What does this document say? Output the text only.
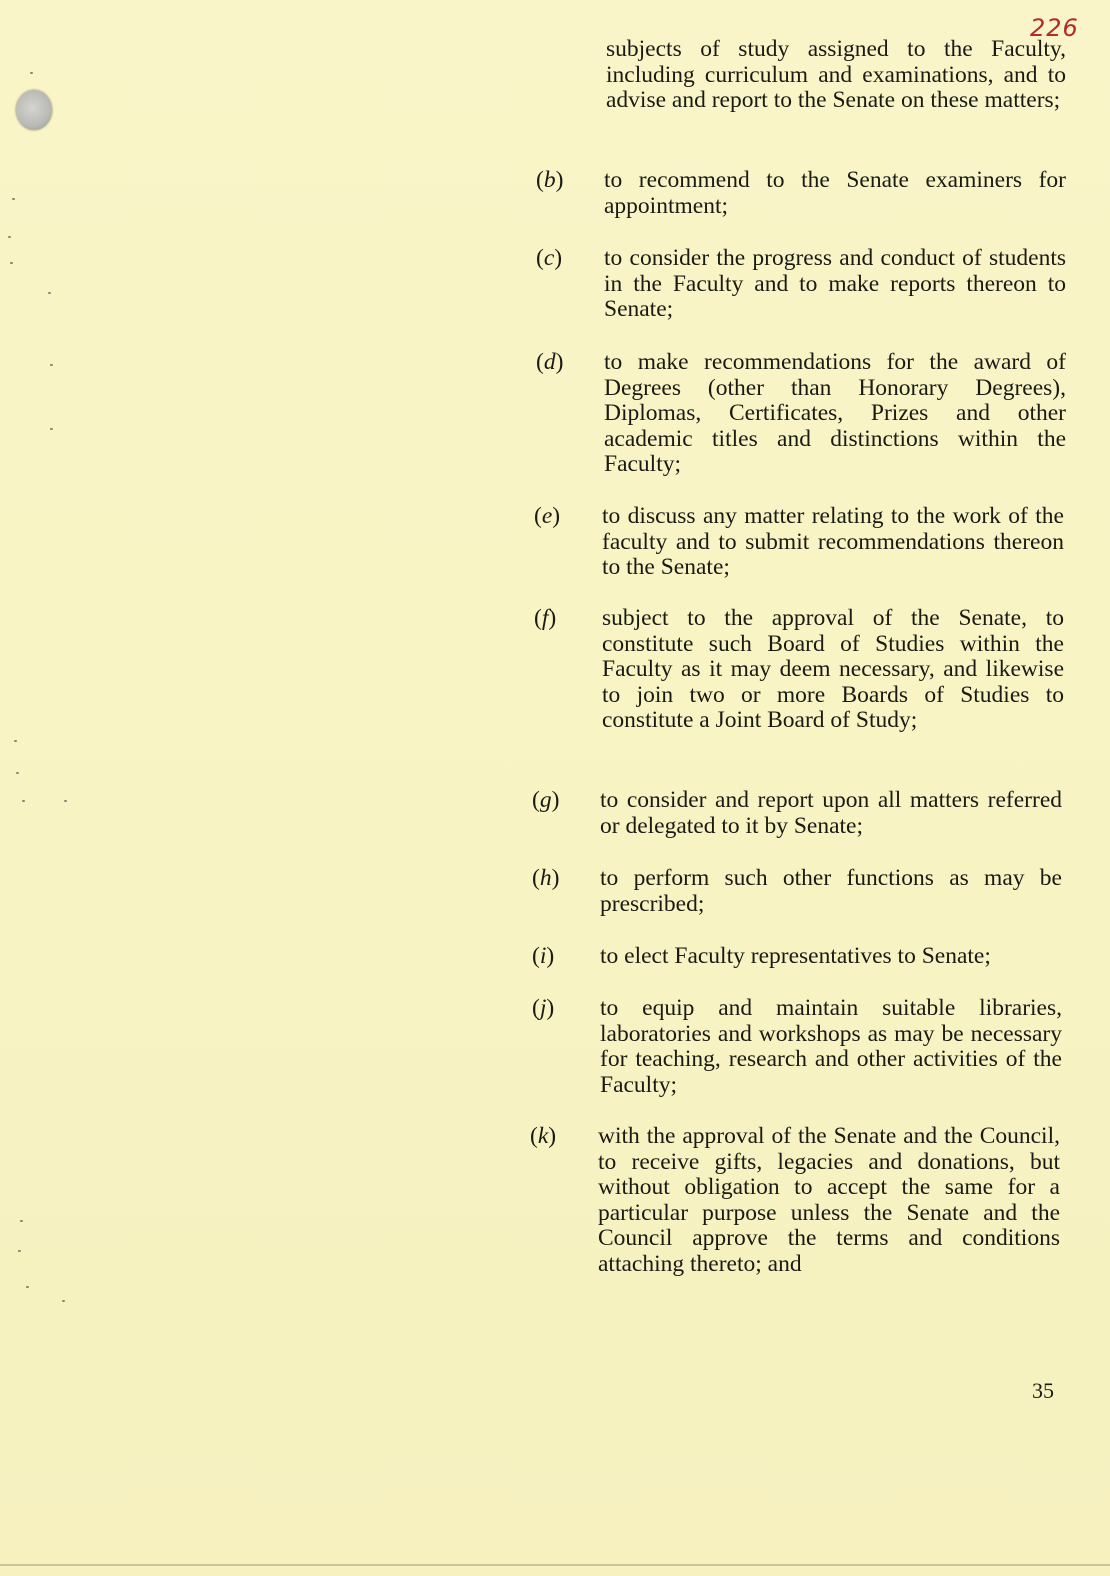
226
subjects of study assigned to the Faculty, including curriculum and examinations, and to advise and report to the Senate on these matters;
(b) to recommend to the Senate examiners for appointment;
(c) to consider the progress and conduct of students in the Faculty and to make reports thereon to Senate;
(d) to make recommendations for the award of Degrees (other than Honorary Degrees), Diplomas, Certificates, Prizes and other academic titles and distinctions within the Faculty;
(e) to discuss any matter relating to the work of the faculty and to submit recommendations thereon to the Senate;
(f) subject to the approval of the Senate, to constitute such Board of Studies within the Faculty as it may deem necessary, and likewise to join two or more Boards of Studies to constitute a Joint Board of Study;
(g) to consider and report upon all matters referred or delegated to it by Senate;
(h) to perform such other functions as may be prescribed;
(i) to elect Faculty representatives to Senate;
(j) to equip and maintain suitable libraries, laboratories and workshops as may be necessary for teaching, research and other activities of the Faculty;
(k) with the approval of the Senate and the Council, to receive gifts, legacies and donations, but without obligation to accept the same for a particular purpose unless the Senate and the Council approve the terms and conditions attaching thereto; and
35
